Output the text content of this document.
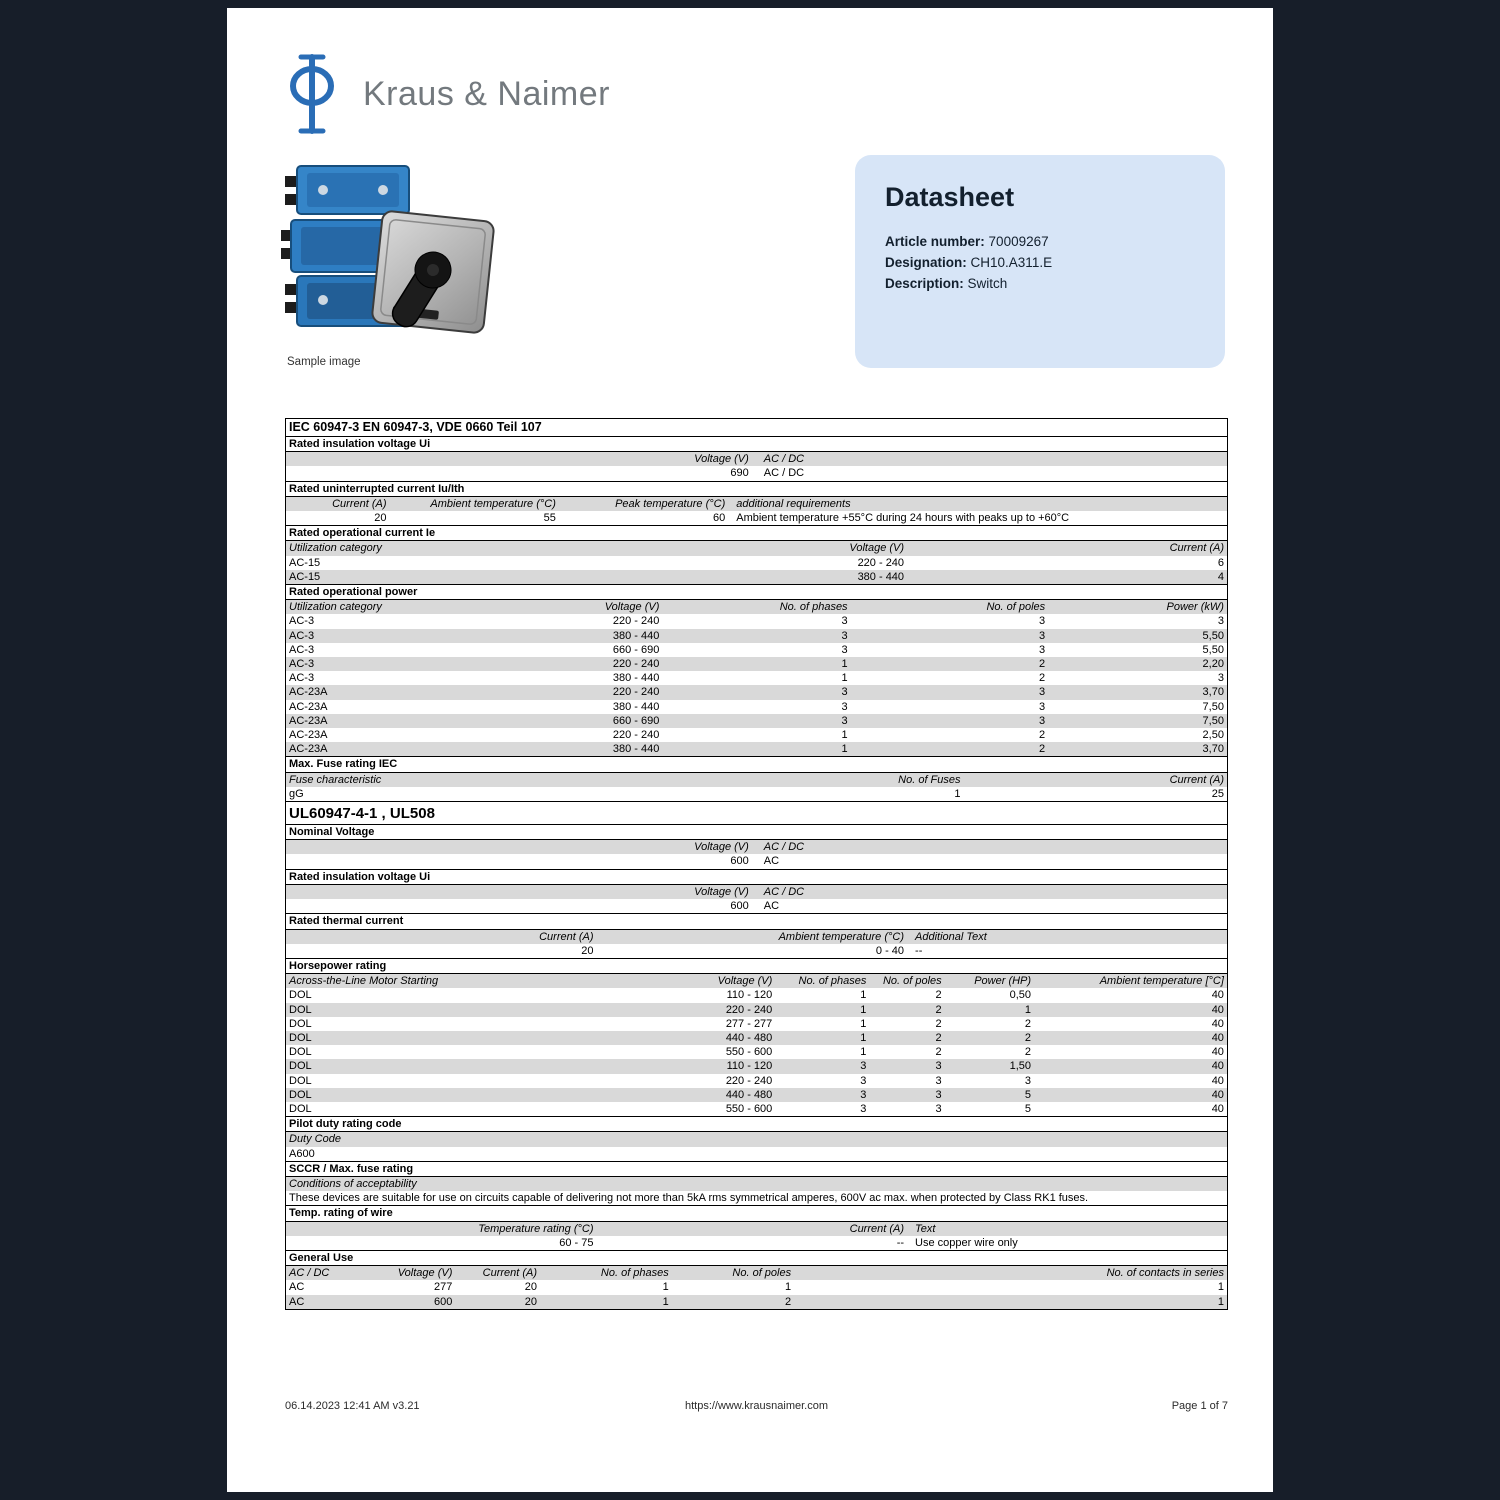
Kraus & Naimer
Sample image
Datasheet

Article number: 70009267

Designation: CH10.A311.E

Description: Switch

IEC 60947-3 EN 60947-3, VDE 0660 Teil 107
Rated insulation voltage Ui
Voltage (V)	AC / DC
690	AC / DC
Rated uninterrupted current Iu/Ith
Current (A)	Ambient temperature (°C)	Peak temperature (°C)	additional requirements
20	55	60	Ambient temperature +55°C during 24 hours with peaks up to +60°C
Rated operational current Ie
Utilization category	Voltage (V)	Current (A)
AC-15	220 - 240	6
AC-15	380 - 440	4
Rated operational power
Utilization category	Voltage (V)	No. of phases	No. of poles	Power (kW)
AC-3	220 - 240	3	3	3
AC-3	380 - 440	3	3	5,50
AC-3	660 - 690	3	3	5,50
AC-3	220 - 240	1	2	2,20
AC-3	380 - 440	1	2	3
AC-23A	220 - 240	3	3	3,70
AC-23A	380 - 440	3	3	7,50
AC-23A	660 - 690	3	3	7,50
AC-23A	220 - 240	1	2	2,50
AC-23A	380 - 440	1	2	3,70
Max. Fuse rating IEC
Fuse characteristic	No. of Fuses	Current (A)
gG	1	25
UL60947-4-1 , UL508
Nominal Voltage
Voltage (V)	AC / DC
600	AC
Rated insulation voltage Ui
Voltage (V)	AC / DC
600	AC
Rated thermal current
Current (A)	Ambient temperature (°C)	Additional Text
20	0 - 40	--
Horsepower rating
Across-the-Line Motor Starting	Voltage (V)	No. of phases	No. of poles	Power (HP)	Ambient temperature [°C]
DOL	110 - 120	1	2	0,50	40
DOL	220 - 240	1	2	1	40
DOL	277 - 277	1	2	2	40
DOL	440 - 480	1	2	2	40
DOL	550 - 600	1	2	2	40
DOL	110 - 120	3	3	1,50	40
DOL	220 - 240	3	3	3	40
DOL	440 - 480	3	3	5	40
DOL	550 - 600	3	3	5	40
Pilot duty rating code
Duty Code
A600
SCCR / Max. fuse rating
Conditions of acceptability
These devices are suitable for use on circuits capable of delivering not more than 5kA rms symmetrical amperes, 600V ac max. when protected by Class RK1 fuses.
Temp. rating of wire
Temperature rating (°C)	Current (A)	Text
60 - 75	--	Use copper wire only
General Use
AC / DC	Voltage (V)	Current (A)	No. of phases	No. of poles	No. of contacts in series
AC	277	20	1	1	1
AC	600	20	1	2	1
06.14.2023 12:41 AM v3.21	https://www.krausnaimer.com	Page 1 of 7
